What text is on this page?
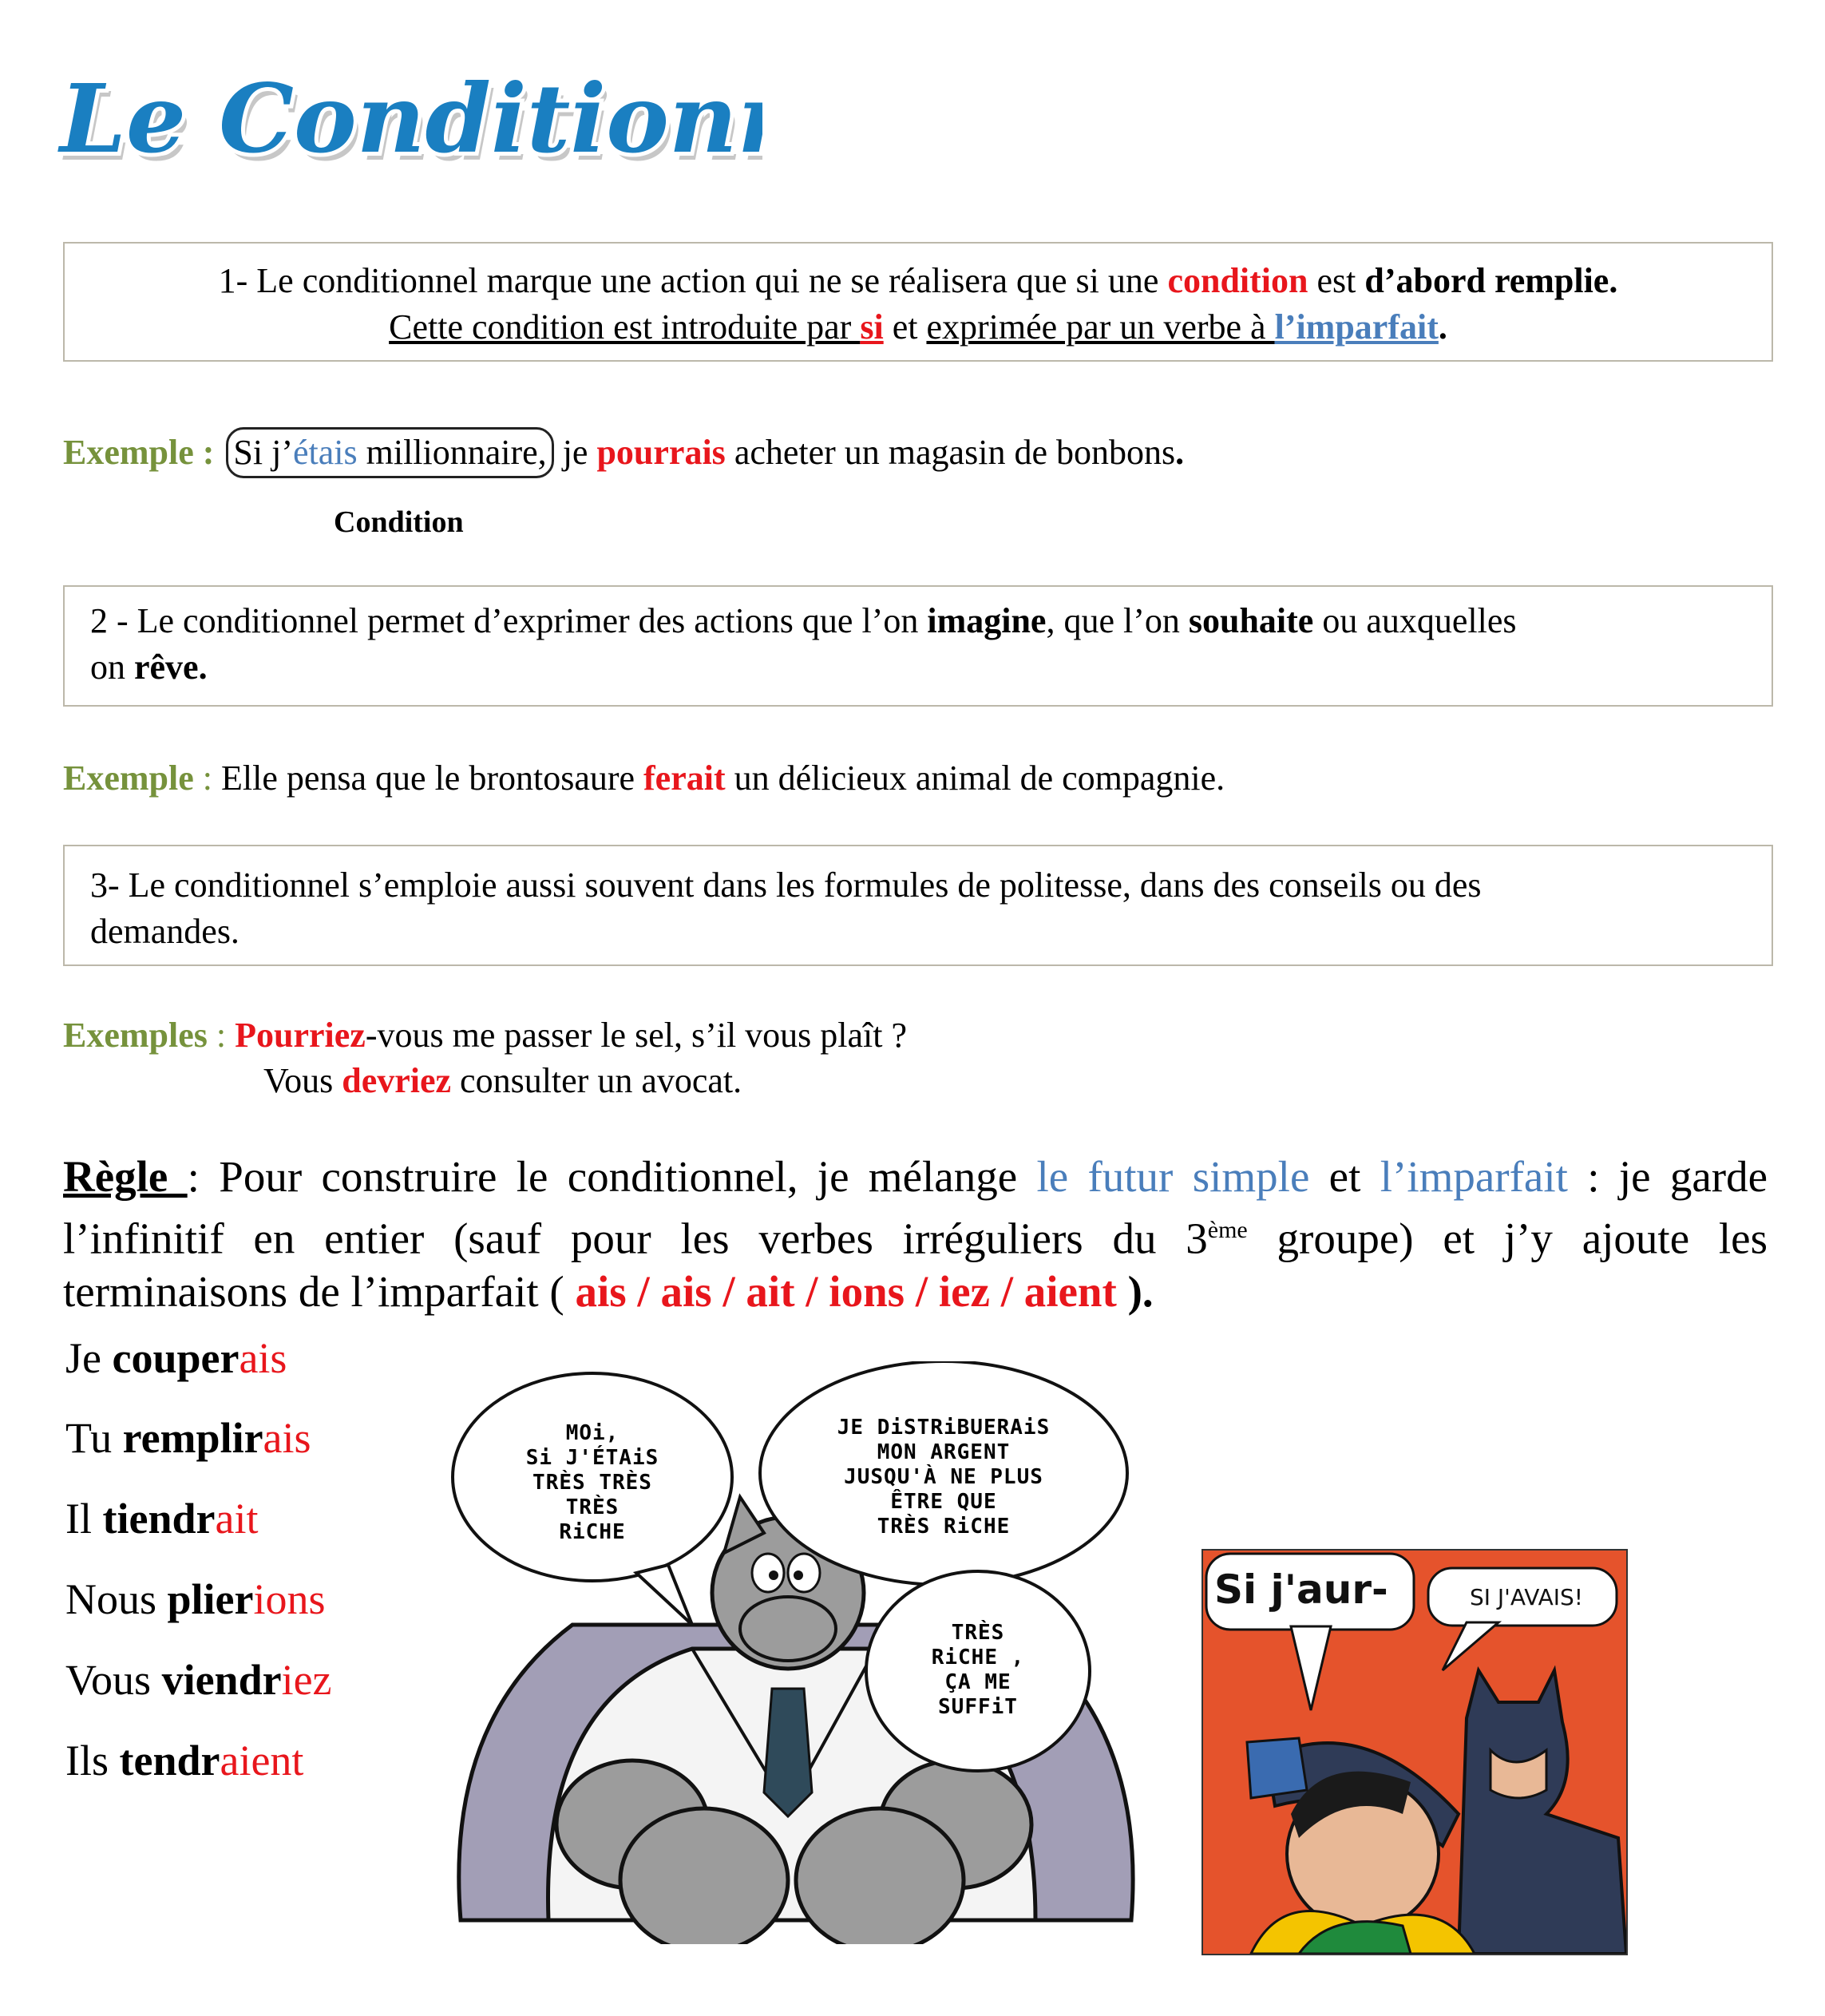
Le Condition
Le Condition
1- Le conditionnel marque une action qui ne se réalisera que si une condition est d’abord remplie.
Cette condition est introduite par si et exprimée par un verbe à l’imparfait.
Exemple : Si j’étais millionnaire, je pourrais acheter un magasin de bonbons.
Condition
2 - Le conditionnel permet d’exprimer des actions que l’on imagine, que l’on souhaite ou auxquelles
on rêve.
Exemple : Elle pensa que le brontosaure ferait un délicieux animal de compagnie.
3- Le conditionnel s’emploie aussi souvent dans les formules de politesse, dans des conseils ou des
demandes.
Exemples : Pourriez-vous me passer le sel, s’il vous plaît ?
Vous devriez consulter un avocat.
Règle : Pour construire le conditionnel, je mélange le futur simple et l’imparfait : je garde
l’infinitif en entier (sauf pour les verbes irréguliers du 3ème groupe) et j’y ajoute les
terminaisons de l’imparfait ( ais / ais / ait / ions / iez / aient ).
Je couperais
Tu remplirais
Il tiendrait
Nous plierions
Vous viendriez
Ils tendraient
MOi,
Si J'ÉTAiS
TRÈS TRÈS
TRÈS
RiCHE
JE DiSTRiBUERAiS
MON ARGENT
JUSQU'À NE PLUS
ÊTRE QUE
TRÈS RiCHE
TRÈS
RiCHE ,
ÇA ME
SUFFiT
Si j'aur-	SI J'AVAIS!
